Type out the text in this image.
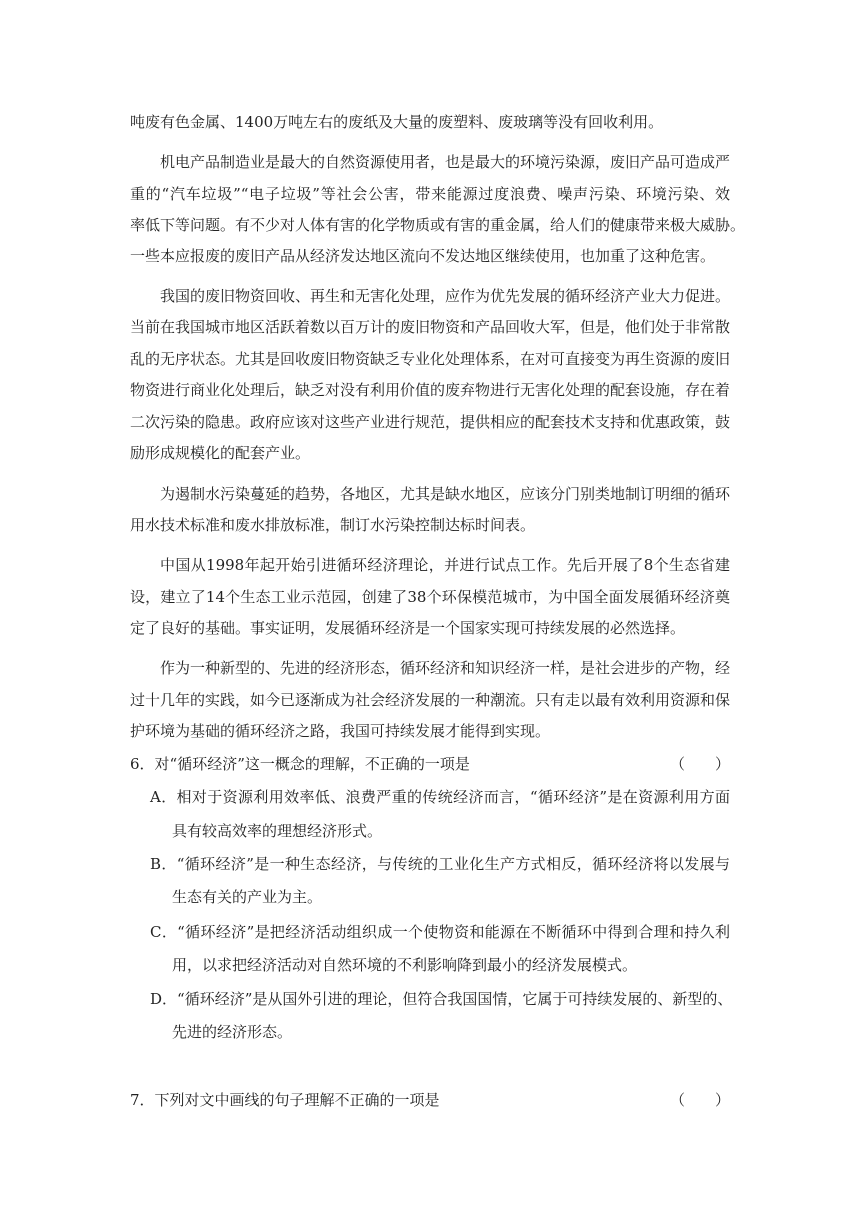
吨废有色金属、1400万吨左右的废纸及大量的废塑料、废玻璃等没有回收利用。
机电产品制造业是最大的自然资源使用者，也是最大的环境污染源，废旧产品可造成严
重的“汽车垃圾”“电子垃圾”等社会公害，带来能源过度浪费、噪声污染、环境污染、效
率低下等问题。有不少对人体有害的化学物质或有害的重金属，给人们的健康带来极大威胁。
一些本应报废的废旧产品从经济发达地区流向不发达地区继续使用，也加重了这种危害。
我国的废旧物资回收、再生和无害化处理，应作为优先发展的循环经济产业大力促进。
当前在我国城市地区活跃着数以百万计的废旧物资和产品回收大军，但是，他们处于非常散
乱的无序状态。尤其是回收废旧物资缺乏专业化处理体系，在对可直接变为再生资源的废旧
物资进行商业化处理后，缺乏对没有利用价值的废弃物进行无害化处理的配套设施，存在着
二次污染的隐患。政府应该对这些产业进行规范，提供相应的配套技术支持和优惠政策，鼓
励形成规模化的配套产业。
为遏制水污染蔓延的趋势，各地区，尤其是缺水地区，应该分门别类地制订明细的循环
用水技术标准和废水排放标准，制订水污染控制达标时间表。
中国从1998年起开始引进循环经济理论，并进行试点工作。先后开展了8个生态省建
设，建立了14个生态工业示范园，创建了38个环保模范城市，为中国全面发展循环经济奠
定了良好的基础。事实证明，发展循环经济是一个国家实现可持续发展的必然选择。
作为一种新型的、先进的经济形态，循环经济和知识经济一样，是社会进步的产物，经
过十几年的实践，如今已逐渐成为社会经济发展的一种潮流。只有走以最有效利用资源和保
护环境为基础的循环经济之路，我国可持续发展才能得到实现。
6．对“循环经济”这一概念的理解，不正确的一项是	（　　）
A．相对于资源利用效率低、浪费严重的传统经济而言，“循环经济”是在资源利用方面
具有较高效率的理想经济形式。
B．“循环经济”是一种生态经济，与传统的工业化生产方式相反，循环经济将以发展与
生态有关的产业为主。
C．“循环经济”是把经济活动组织成一个使物资和能源在不断循环中得到合理和持久利
用，以求把经济活动对自然环境的不利影响降到最小的经济发展模式。
D．“循环经济”是从国外引进的理论，但符合我国国情，它属于可持续发展的、新型的、
先进的经济形态。
7．下列对文中画线的句子理解不正确的一项是	（　　）
